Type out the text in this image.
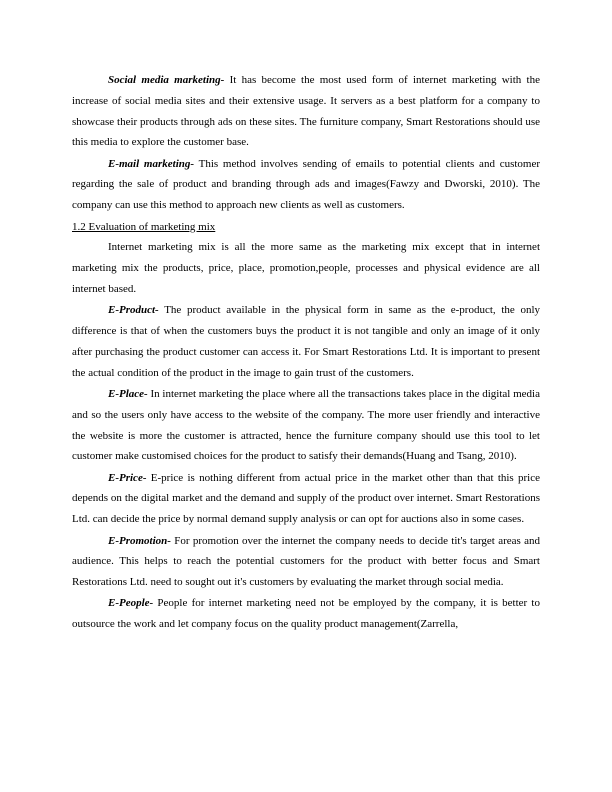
Social media marketing- It has become the most used form of internet marketing with the increase of social media sites and their extensive usage. It servers as a best platform for a company to showcase their products through ads on these sites. The furniture company, Smart Restorations should use this media to explore the customer base.

E-mail marketing- This method involves sending of emails to potential clients and customer regarding the sale of product and branding through ads and images(Fawzy and Dworski, 2010). The company can use this method to approach new clients as well as customers.

1.2 Evaluation of marketing mix

Internet marketing mix is all the more same as the marketing mix except that in internet marketing mix the products, price, place, promotion,people, processes and physical evidence are all internet based.

E-Product- The product available in the physical form in same as the e-product, the only difference is that of when the customers buys the product it is not tangible and only an image of it only after purchasing the product customer can access it. For Smart Restorations Ltd. It is important to present the actual condition of the product in the image to gain trust of the customers.

E-Place- In internet marketing the place where all the transactions takes place in the digital media and so the users only have access to the website of the company. The more user friendly and interactive the website is more the customer is attracted, hence the furniture company should use this tool to let customer make customised choices for the product to satisfy their demands(Huang and Tsang, 2010).

E-Price- E-price is nothing different from actual price in the market other than that this price depends on the digital market and the demand and supply of the product over internet. Smart Restorations Ltd. can decide the price by normal demand supply analysis or can opt for auctions also in some cases.

E-Promotion- For promotion over the internet the company needs to decide tit's target areas and audience. This helps to reach the potential customers for the product with better focus and Smart Restorations Ltd. need to sought out it's customers by evaluating the market through social media.

E-People- People for internet marketing need not be employed by the company, it is better to outsource the work and let company focus on the quality product management(Zarrella,
